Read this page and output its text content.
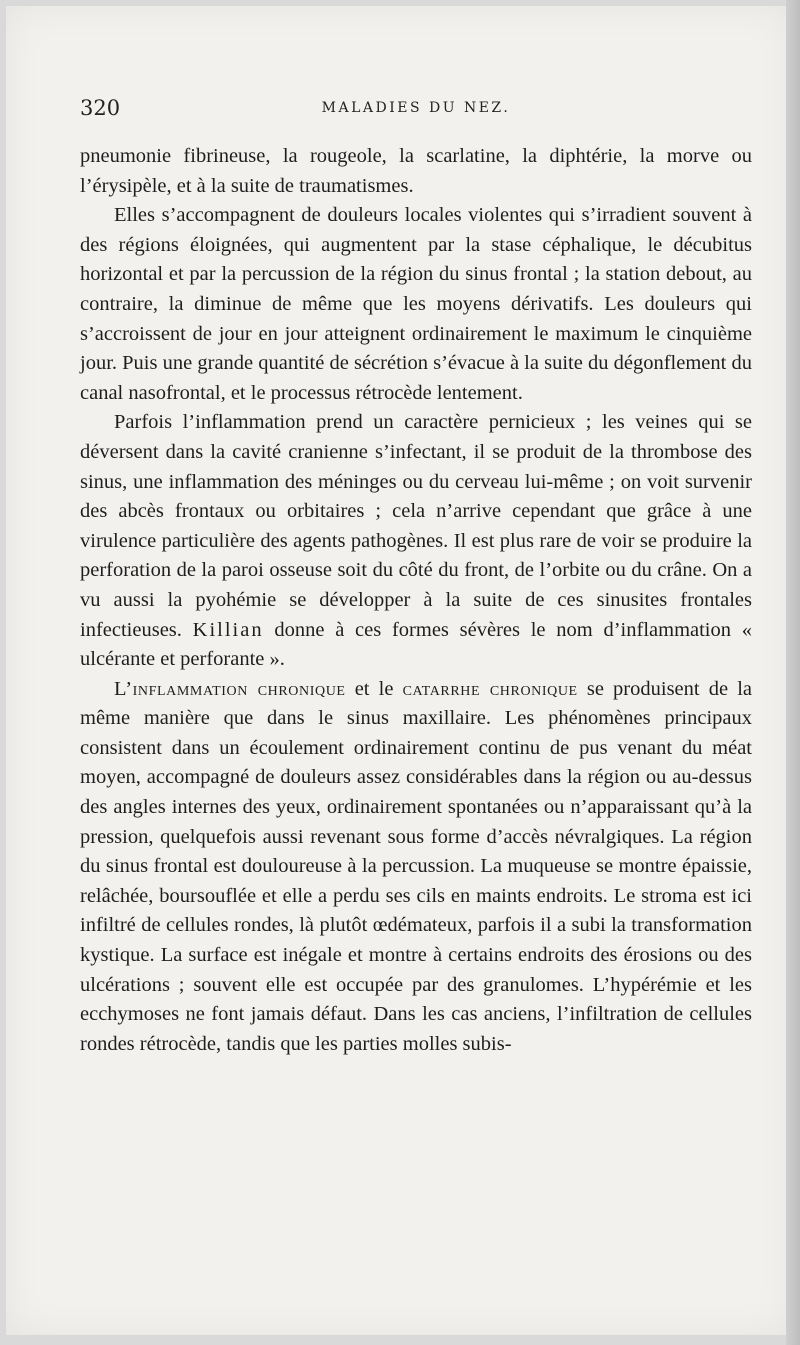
320	MALADIES DU NEZ.

pneumonie fibrineuse, la rougeole, la scarlatine, la diphtérie, la morve ou l’érysipèle, et à la suite de traumatismes.

Elles s’accompagnent de douleurs locales violentes qui s’irradient souvent à des régions éloignées, qui augmentent par la stase céphalique, le décubitus horizontal et par la percussion de la région du sinus frontal ; la station debout, au contraire, la diminue de même que les moyens dérivatifs. Les douleurs qui s’accroissent de jour en jour atteignent ordinairement le maximum le cinquième jour. Puis une grande quantité de sécrétion s’évacue à la suite du dégonflement du canal nasofrontal, et le processus rétrocède lentement.

Parfois l’inflammation prend un caractère pernicieux ; les veines qui se déversent dans la cavité cranienne s’infectant, il se produit de la thrombose des sinus, une inflammation des méninges ou du cerveau lui-même ; on voit survenir des abcès frontaux ou orbitaires ; cela n’arrive cependant que grâce à une virulence particulière des agents pathogènes. Il est plus rare de voir se produire la perforation de la paroi osseuse soit du côté du front, de l’orbite ou du crâne. On a vu aussi la pyohémie se développer à la suite de ces sinusites frontales infectieuses. Killian donne à ces formes sévères le nom d’inflammation « ulcérante et perforante ».

L’inflammation chronique et le catarrhe chronique se produisent de la même manière que dans le sinus maxillaire. Les phénomènes principaux consistent dans un écoulement ordinairement continu de pus venant du méat moyen, accompagné de douleurs assez considérables dans la région ou au-dessus des angles internes des yeux, ordinairement spontanées ou n’apparaissant qu’à la pression, quelquefois aussi revenant sous forme d’accès névralgiques. La région du sinus frontal est douloureuse à la percussion. La muqueuse se montre épaissie, relâchée, boursouflée et elle a perdu ses cils en maints endroits. Le stroma est ici infiltré de cellules rondes, là plutôt œdémateux, parfois il a subi la transformation kystique. La surface est inégale et montre à certains endroits des érosions ou des ulcérations ; souvent elle est occupée par des granulomes. L’hypérémie et les ecchymoses ne font jamais défaut. Dans les cas anciens, l’infiltration de cellules rondes rétrocède, tandis que les parties molles subis-
